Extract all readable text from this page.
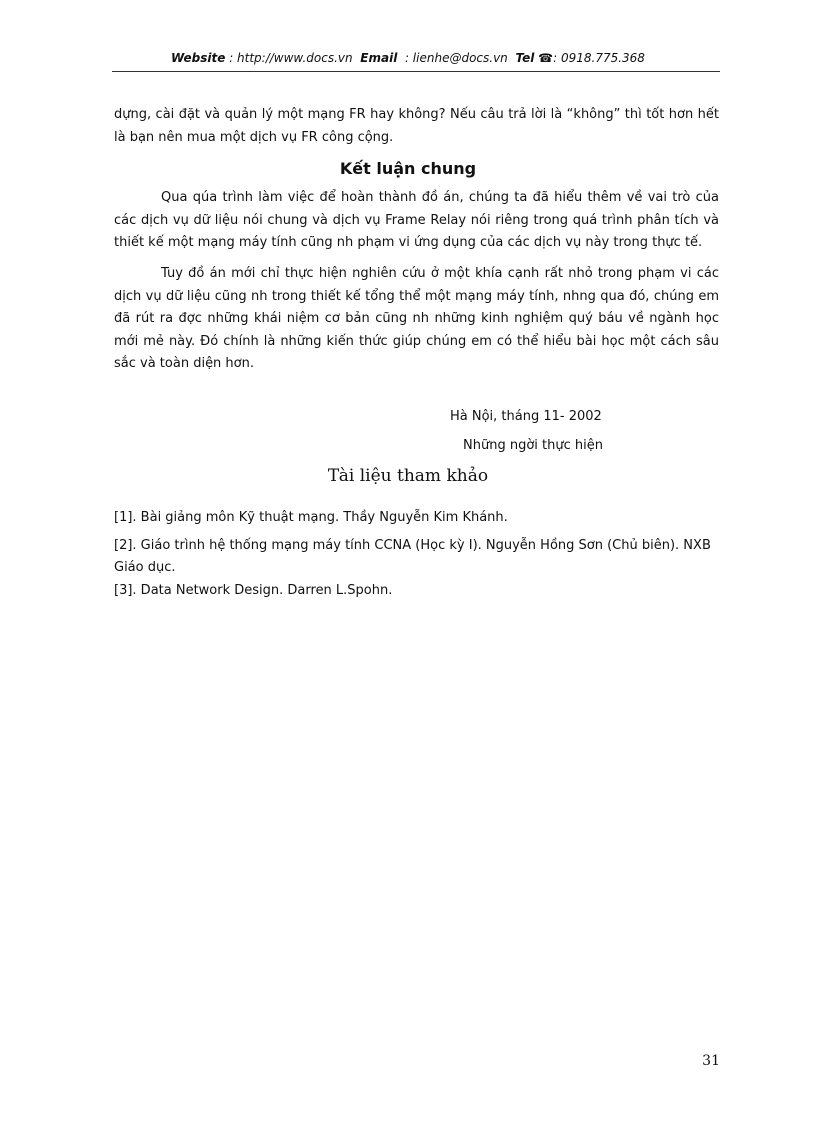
Website : http://www.docs.vn Email : lienhe@docs.vn Tel ☎: 0918.775.368

dựng, cài đặt và quản lý một mạng FR hay không? Nếu câu trả lời là “không” thì tốt hơn hết là bạn nên mua một dịch vụ FR công cộng.

Kết luận chung

Qua qúa trình làm việc để hoàn thành đồ án, chúng ta đã hiểu thêm về vai trò của các dịch vụ dữ liệu nói chung và dịch vụ Frame Relay nói riêng trong quá trình phân tích và thiết kế một mạng máy tính cũng nh phạm vi ứng dụng của các dịch vụ này trong thực tế.

Tuy đồ án mới chỉ thực hiện nghiên cứu ở một khía cạnh rất nhỏ trong phạm vi các dịch vụ dữ liệu cũng nh trong thiết kế tổng thể một mạng máy tính, nhng qua đó, chúng em đã rút ra đợc những khái niệm cơ bản cũng nh những kinh nghiệm quý báu về ngành học mới mẻ này. Đó chính là những kiến thức giúp chúng em có thể hiểu bài học một cách sâu sắc và toàn diện hơn.

Hà Nội, tháng 11- 2002
Những ngời thực hiện
Tài liệu tham khảo

[1]. Bài giảng môn Kỹ thuật mạng. Thầy Nguyễn Kim Khánh.

[2]. Giáo trình hệ thống mạng máy tính CCNA (Học kỳ I). Nguyễn Hồng Sơn (Chủ biên). NXB Giáo dục.

[3]. Data Network Design. Darren L.Spohn.

31
